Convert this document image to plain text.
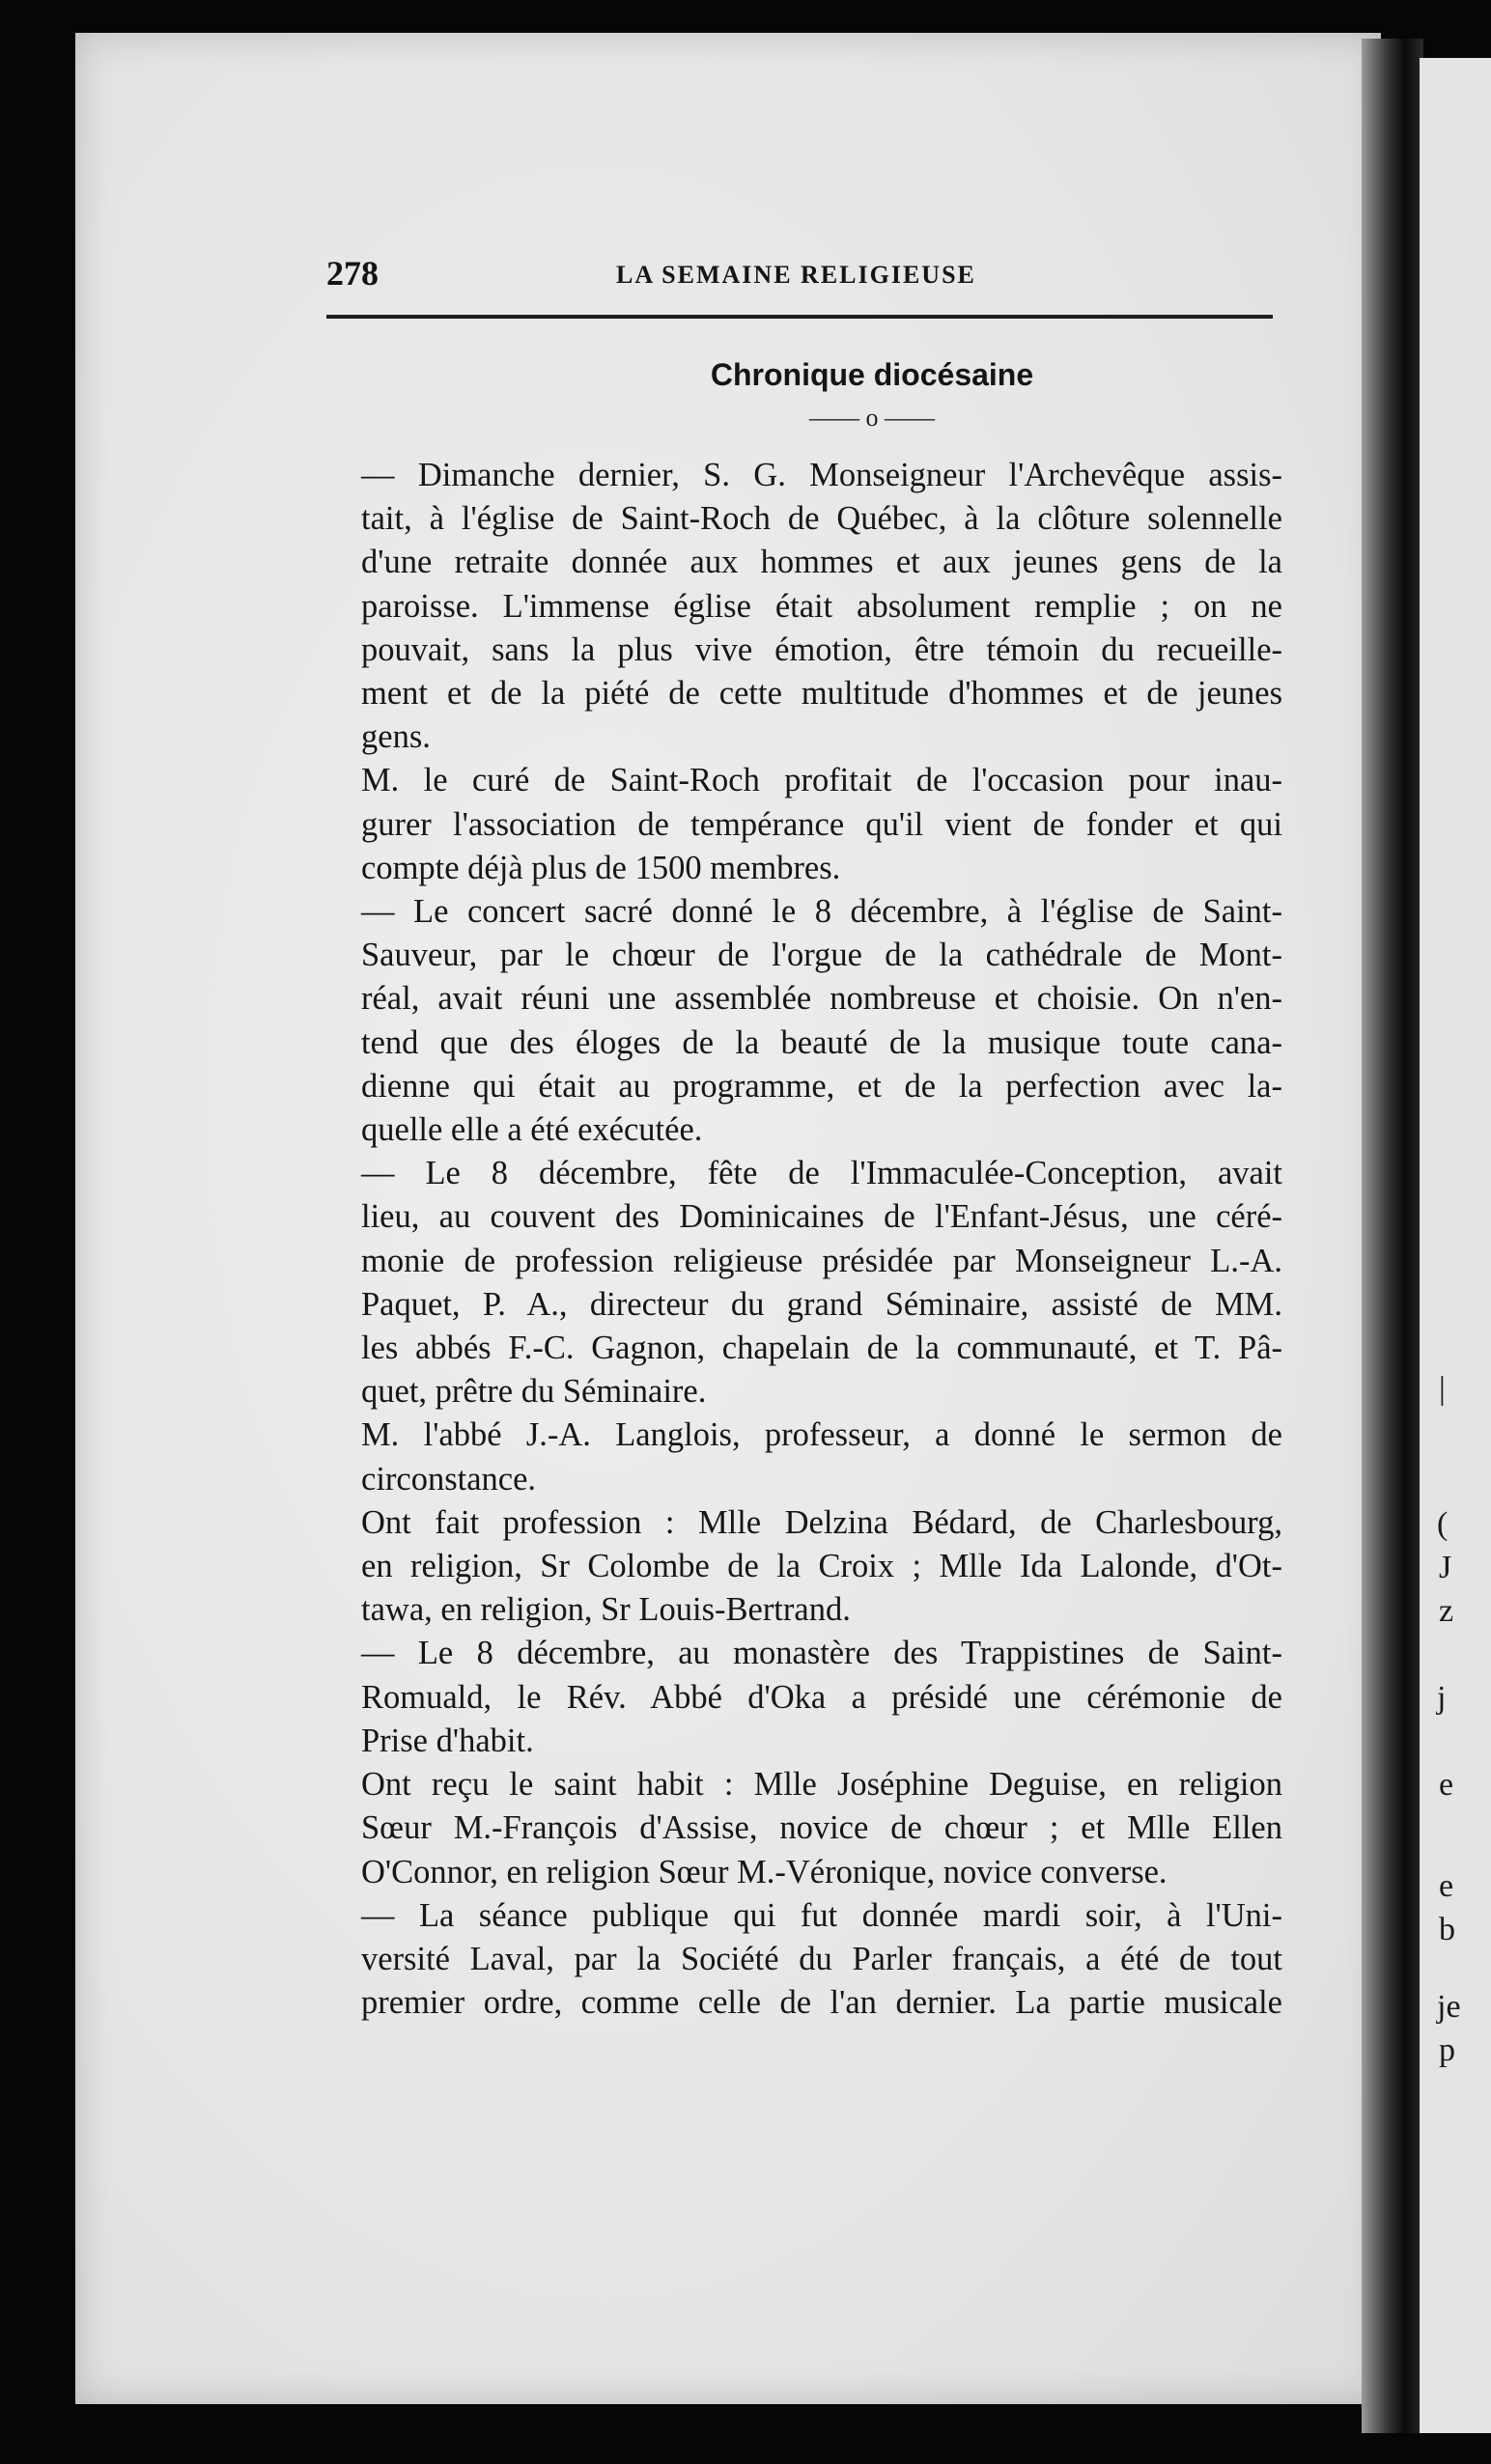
|
(
J
z
j
e
e
b
je
p
278	LA SEMAINE RELIGIEUSE
Chronique diocésaine
—— o ——
— Dimanche dernier, S. G. Monseigneur l'Archevêque assis-
tait, à l'église de Saint-Roch de Québec, à la clôture solennelle
d'une retraite donnée aux hommes et aux jeunes gens de la
paroisse. L'immense église était absolument remplie ; on ne
pouvait, sans la plus vive émotion, être témoin du recueille-
ment et de la piété de cette multitude d'hommes et de jeunes
gens.
M. le curé de Saint-Roch profitait de l'occasion pour inau-
gurer l'association de tempérance qu'il vient de fonder et qui
compte déjà plus de 1500 membres.
— Le concert sacré donné le 8 décembre, à l'église de Saint-
Sauveur, par le chœur de l'orgue de la cathédrale de Mont-
réal, avait réuni une assemblée nombreuse et choisie. On n'en-
tend que des éloges de la beauté de la musique toute cana-
dienne qui était au programme, et de la perfection avec la-
quelle elle a été exécutée.
— Le 8 décembre, fête de l'Immaculée-Conception, avait
lieu, au couvent des Dominicaines de l'Enfant-Jésus, une céré-
monie de profession religieuse présidée par Monseigneur L.-A.
Paquet, P. A., directeur du grand Séminaire, assisté de MM.
les abbés F.-C. Gagnon, chapelain de la communauté, et T. Pâ-
quet, prêtre du Séminaire.
M. l'abbé J.-A. Langlois, professeur, a donné le sermon de
circonstance.
Ont fait profession : Mlle Delzina Bédard, de Charlesbourg,
en religion, Sr Colombe de la Croix ; Mlle Ida Lalonde, d'Ot-
tawa, en religion, Sr Louis-Bertrand.
— Le 8 décembre, au monastère des Trappistines de Saint-
Romuald, le Rév. Abbé d'Oka a présidé une cérémonie de
Prise d'habit.
Ont reçu le saint habit : Mlle Joséphine Deguise, en religion
Sœur M.-François d'Assise, novice de chœur ; et Mlle Ellen
O'Connor, en religion Sœur M.-Véronique, novice converse.
— La séance publique qui fut donnée mardi soir, à l'Uni-
versité Laval, par la Société du Parler français, a été de tout
premier ordre, comme celle de l'an dernier. La partie musicale
